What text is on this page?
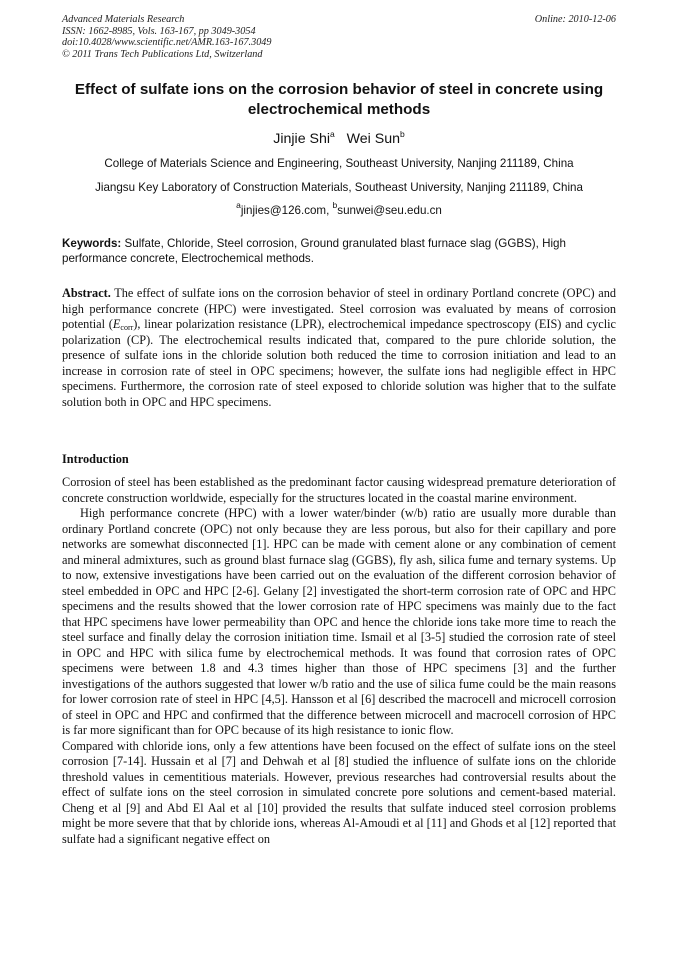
Advanced Materials Research
ISSN: 1662-8985, Vols. 163-167, pp 3049-3054
doi:10.4028/www.scientific.net/AMR.163-167.3049
© 2011 Trans Tech Publications Ltd, Switzerland
Online: 2010-12-06
Effect of sulfate ions on the corrosion behavior of steel in concrete using electrochemical methods
Jinjie Shi$^a$ Wei Sun$^b$
College of Materials Science and Engineering, Southeast University, Nanjing 211189, China
Jiangsu Key Laboratory of Construction Materials, Southeast University, Nanjing 211189, China
$^a$jinjies@126.com, $^b$sunwei@seu.edu.cn
Keywords: Sulfate, Chloride, Steel corrosion, Ground granulated blast furnace slag (GGBS), High performance concrete, Electrochemical methods.
Abstract. The effect of sulfate ions on the corrosion behavior of steel in ordinary Portland concrete (OPC) and high performance concrete (HPC) were investigated. Steel corrosion was evaluated by means of corrosion potential $(E_{corr})$, linear polarization resistance (LPR), electrochemical impedance spectroscopy (EIS) and cyclic polarization (CP). The electrochemical results indicated that, compared to the pure chloride solution, the presence of sulfate ions in the chloride solution both reduced the time to corrosion initiation and lead to an increase in corrosion rate of steel in OPC specimens; however, the sulfate ions had negligible effect in HPC specimens. Furthermore, the corrosion rate of steel exposed to chloride solution was higher that to the sulfate solution both in OPC and HPC specimens.
Introduction

Corrosion of steel has been established as the predominant factor causing widespread premature deterioration of concrete construction worldwide, especially for the structures located in the coastal marine environment.

High performance concrete (HPC) with a lower water/binder (w/b) ratio are usually more durable than ordinary Portland concrete (OPC) not only because they are less porous, but also for their capillary and pore networks are somewhat disconnected [1]. HPC can be made with cement alone or any combination of cement and mineral admixtures, such as ground blast furnace slag (GGBS), fly ash, silica fume and ternary systems. Up to now, extensive investigations have been carried out on the evaluation of the different corrosion behavior of steel embedded in OPC and HPC [2-6]. Gelany [2] investigated the short-term corrosion rate of OPC and HPC specimens and the results showed that the lower corrosion rate of HPC specimens was mainly due to the fact that HPC specimens have lower permeability than OPC and hence the chloride ions take more time to reach the steel surface and finally delay the corrosion initiation time. Ismail et al [3-5] studied the corrosion rate of steel in OPC and HPC with silica fume by electrochemical methods. It was found that corrosion rates of OPC specimens were between 1.8 and 4.3 times higher than those of HPC specimens [3] and the further investigations of the authors suggested that lower w/b ratio and the use of silica fume could be the main reasons for lower corrosion rate of steel in HPC [4,5]. Hansson et al [6] described the macrocell and microcell corrosion of steel in OPC and HPC and confirmed that the difference between microcell and macrocell corrosion of HPC is far more significant than for OPC because of its high resistance to ionic flow.

Compared with chloride ions, only a few attentions have been focused on the effect of sulfate ions on the steel corrosion [7-14]. Hussain et al [7] and Dehwah et al [8] studied the influence of sulfate ions on the chloride threshold values in cementitious materials. However, previous researches had controversial results about the effect of sulfate ions on the steel corrosion in simulated concrete pore solutions and cement-based material. Cheng et al [9] and Abd El Aal et al [10] provided the results that sulfate induced steel corrosion problems might be more severe that that by chloride ions, whereas Al-Amoudi et al [11] and Ghods et al [12] reported that sulfate had a significant negative effect on
